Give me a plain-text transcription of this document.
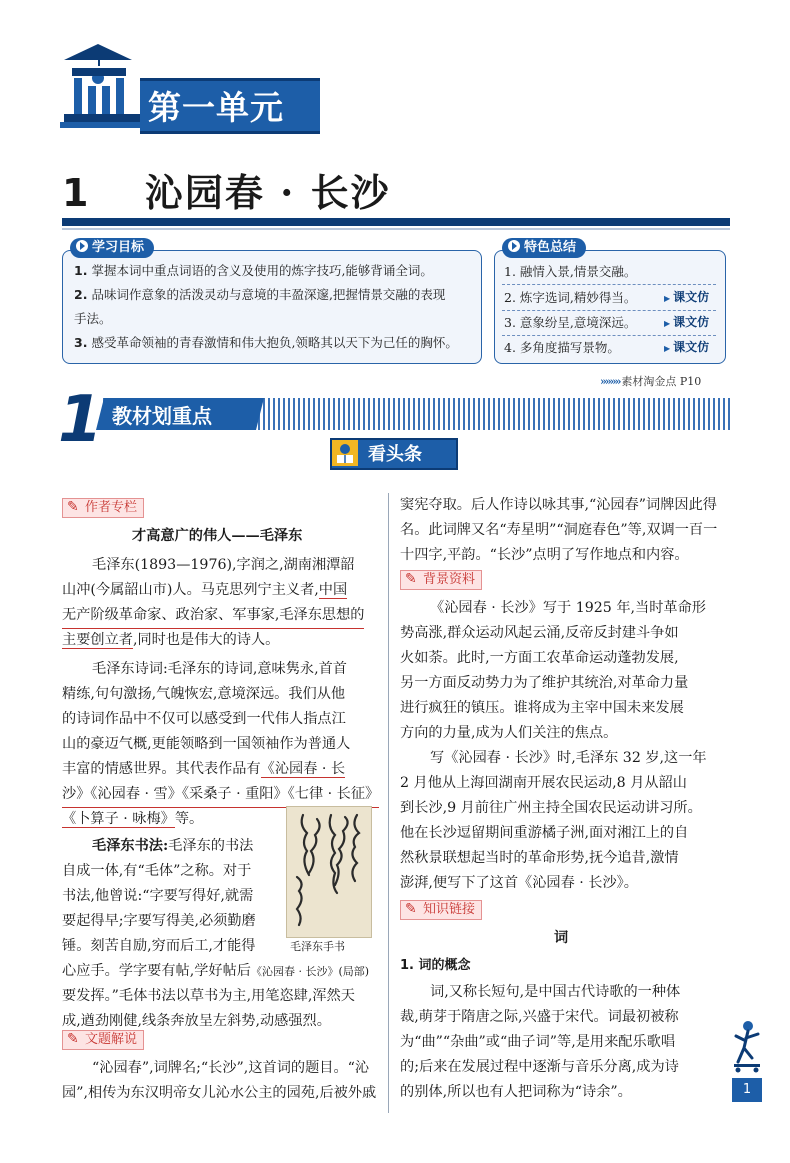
第一单元
1 沁园春 · 长沙
学习目标
1. 掌握本词中重点词语的含义及使用的炼字技巧,能够背诵全词。
2. 品味词作意象的活泼灵动与意境的丰盈深邃,把握情景交融的表现
手法。
3. 感受革命领袖的青春激情和伟大抱负,领略其以天下为己任的胸怀。
特色总结
1. 融情入景,情景交融。
2. 炼字选词,精妙得当。	▶ 课文仿
3. 意象纷呈,意境深远。	▶ 课文仿
4. 多角度描写景物。	▶ 课文仿
»»»» 素材淘金点 P10
1 教材划重点
看头条
✎ 作者专栏
才高意广的伟人——毛泽东
毛泽东(1893—1976),字润之,湖南湘潭韶
山冲(今属韶山市)人。马克思列宁主义者,中国
无产阶级革命家、政治家、军事家,毛泽东思想的
主要创立者,同时也是伟大的诗人。
毛泽东诗词:毛泽东的诗词,意味隽永,首首
精练,句句激扬,气魄恢宏,意境深远。我们从他
的诗词作品中不仅可以感受到一代伟人指点江
山的豪迈气概,更能领略到一国领袖作为普通人
丰富的情感世界。其代表作品有《沁园春 · 长
沙》《沁园春 · 雪》《采桑子 · 重阳》《七律 · 长征》
《卜算子 · 咏梅》等。
毛泽东书法:毛泽东的书法
自成一体,有“毛体”之称。对于
书法,他曾说:“字要写得好,就需
要起得早;字要写得美,必须勤磨
锤。刻苦自励,穷而后工,才能得
心应手。学字要有帖,学好帖后《沁园春 · 长沙》(局部)
要发挥。”毛体书法以草书为主,用笔恣肆,浑然天
成,遒劲刚健,线条奔放呈左斜势,动感强烈。
毛泽东手书
✎ 文题解说
“沁园春”,词牌名;“长沙”,这首词的题目。“沁
园”,相传为东汉明帝女儿沁水公主的园苑,后被外戚
窦宪夺取。后人作诗以咏其事,“沁园春”词牌因此得
名。此词牌又名“寿星明”“洞庭春色”等,双调一百一
十四字,平韵。“长沙”点明了写作地点和内容。
✎ 背景资料
《沁园春 · 长沙》写于 1925 年,当时革命形
势高涨,群众运动风起云涌,反帝反封建斗争如
火如荼。此时,一方面工农革命运动蓬勃发展,
另一方面反动势力为了维护其统治,对革命力量
进行疯狂的镇压。谁将成为主宰中国未来发展
方向的力量,成为人们关注的焦点。
写《沁园春 · 长沙》时,毛泽东 32 岁,这一年
2 月他从上海回湖南开展农民运动,8 月从韶山
到长沙,9 月前往广州主持全国农民运动讲习所。
他在长沙逗留期间重游橘子洲,面对湘江上的自
然秋景联想起当时的革命形势,抚今追昔,激情
澎湃,便写下了这首《沁园春 · 长沙》。
✎ 知识链接
词
1. 词的概念
词,又称长短句,是中国古代诗歌的一种体
裁,萌芽于隋唐之际,兴盛于宋代。词最初被称
为“曲”“杂曲”或“曲子词”等,是用来配乐歌唱
的;后来在发展过程中逐渐与音乐分离,成为诗
的别体,所以也有人把词称为“诗余”。	1
